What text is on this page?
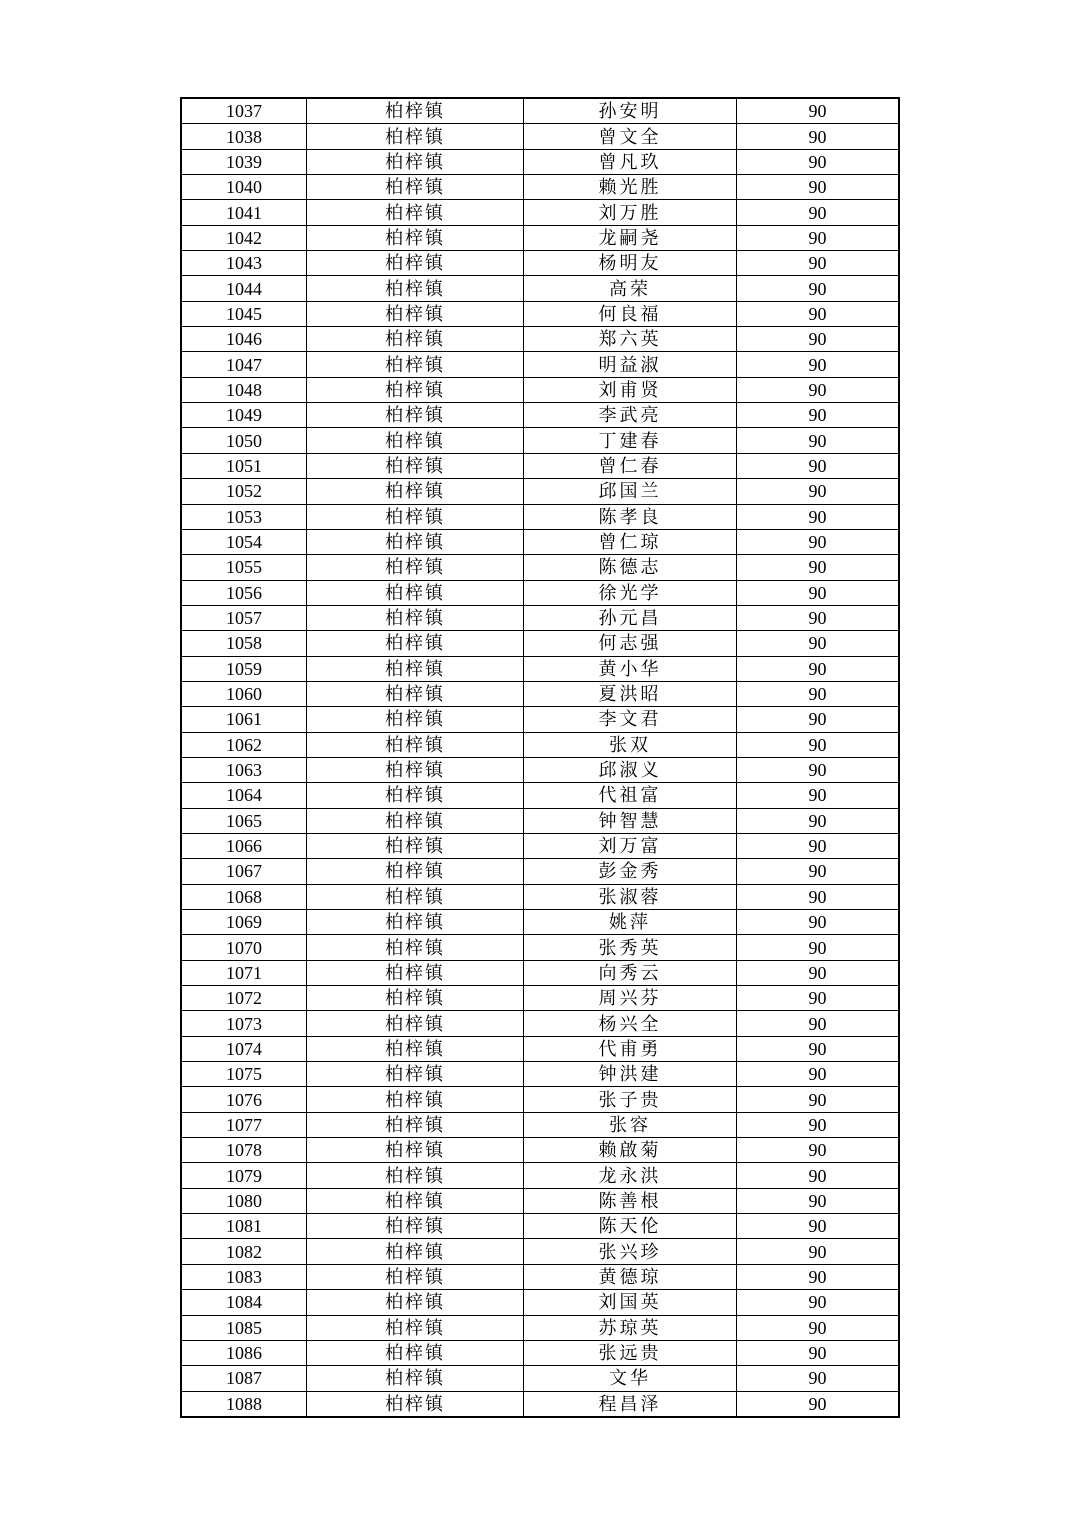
1037	柏梓镇	孙安明	90
1038	柏梓镇	曾文全	90
1039	柏梓镇	曾凡玖	90
1040	柏梓镇	赖光胜	90
1041	柏梓镇	刘万胜	90
1042	柏梓镇	龙嗣尧	90
1043	柏梓镇	杨明友	90
1044	柏梓镇	高荣	90
1045	柏梓镇	何良福	90
1046	柏梓镇	郑六英	90
1047	柏梓镇	明益淑	90
1048	柏梓镇	刘甫贤	90
1049	柏梓镇	李武亮	90
1050	柏梓镇	丁建春	90
1051	柏梓镇	曾仁春	90
1052	柏梓镇	邱国兰	90
1053	柏梓镇	陈孝良	90
1054	柏梓镇	曾仁琼	90
1055	柏梓镇	陈德志	90
1056	柏梓镇	徐光学	90
1057	柏梓镇	孙元昌	90
1058	柏梓镇	何志强	90
1059	柏梓镇	黄小华	90
1060	柏梓镇	夏洪昭	90
1061	柏梓镇	李文君	90
1062	柏梓镇	张双	90
1063	柏梓镇	邱淑义	90
1064	柏梓镇	代祖富	90
1065	柏梓镇	钟智慧	90
1066	柏梓镇	刘万富	90
1067	柏梓镇	彭金秀	90
1068	柏梓镇	张淑蓉	90
1069	柏梓镇	姚萍	90
1070	柏梓镇	张秀英	90
1071	柏梓镇	向秀云	90
1072	柏梓镇	周兴芬	90
1073	柏梓镇	杨兴全	90
1074	柏梓镇	代甫勇	90
1075	柏梓镇	钟洪建	90
1076	柏梓镇	张子贵	90
1077	柏梓镇	张容	90
1078	柏梓镇	赖啟菊	90
1079	柏梓镇	龙永洪	90
1080	柏梓镇	陈善根	90
1081	柏梓镇	陈天伦	90
1082	柏梓镇	张兴珍	90
1083	柏梓镇	黄德琼	90
1084	柏梓镇	刘国英	90
1085	柏梓镇	苏琼英	90
1086	柏梓镇	张远贵	90
1087	柏梓镇	文华	90
1088	柏梓镇	程昌泽	90
